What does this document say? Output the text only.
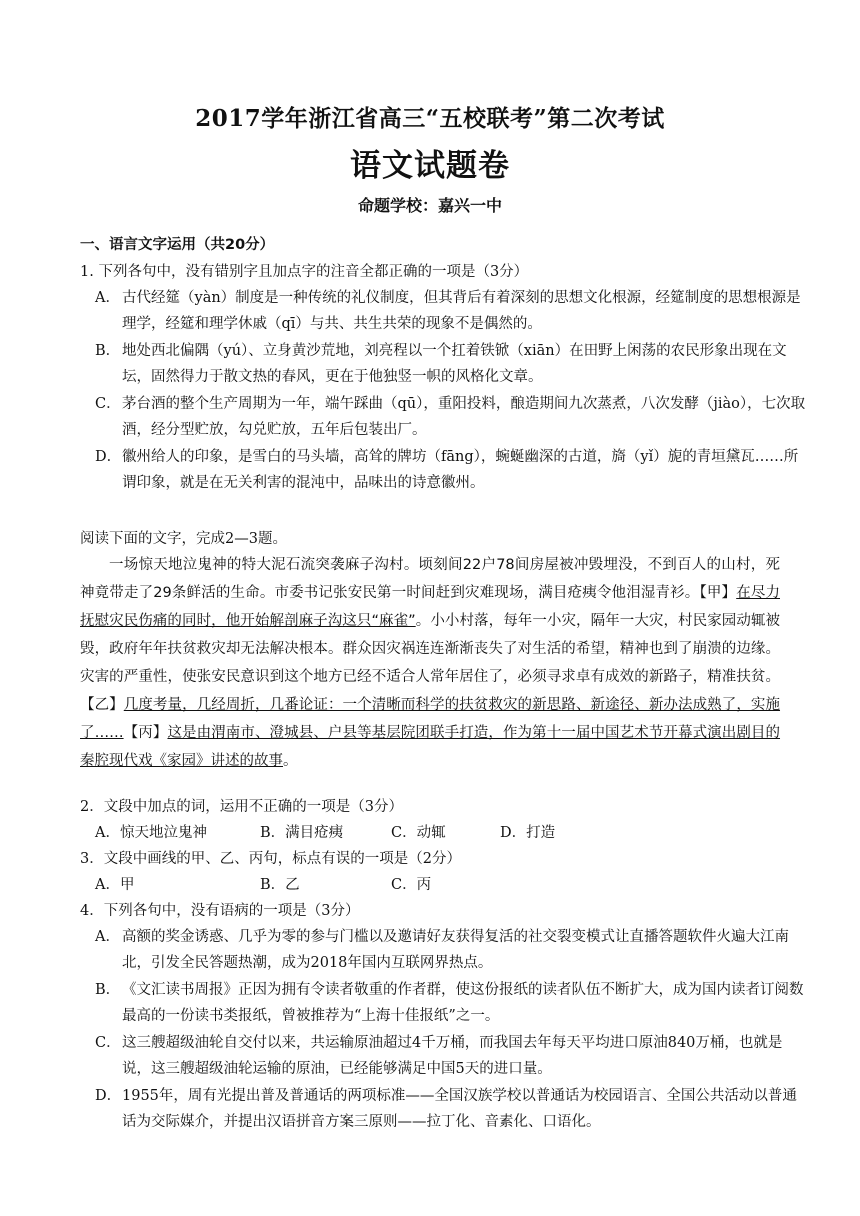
2017学年浙江省高三“五校联考”第二次考试
语文试题卷
命题学校：嘉兴一中
一、语言文字运用（共20分）
1. 下列各句中，没有错别字且加点字的注音全都正确的一项是（3分）
A． 古代经筵（yàn）制度是一种传统的礼仪制度，但其背后有着深刻的思想文化根源，经筵制度的思想根源是理学，经筵和理学休戚（qī）与共、共生共荣的现象不是偶然的。
B． 地处西北偏隅（yú）、立身黄沙荒地，刘亮程以一个扛着铁锨（xiān）在田野上闲荡的农民形象出现在文坛，固然得力于散文热的春风，更在于他独竖一帜的风格化文章。
C．茅台酒的整个生产周期为一年，端午踩曲（qū），重阳投料，酿造期间九次蒸煮，八次发酵（jiào），七次取酒，经分型贮放，勾兑贮放，五年后包装出厂。
D．徽州给人的印象，是雪白的马头墙，高耸的牌坊（fāng），蜿蜒幽深的古道，旖（yǐ）旎的青垣黛瓦……所谓印象，就是在无关利害的混沌中，品味出的诗意徽州。
阅读下面的文字，完成2—3题。

一场惊天地泣鬼神的特大泥石流突袭麻子沟村。顷刻间22户78间房屋被冲毁埋没，不到百人的山村，死神竟带走了29条鲜活的生命。市委书记张安民第一时间赶到灾难现场，满目疮痍令他泪湿青衫。【甲】在尽力抚慰灾民伤痛的同时，他开始解剖麻子沟这只“麻雀”。小小村落，每年一小灾，隔年一大灾，村民家园动辄被毁，政府年年扶贫救灾却无法解决根本。群众因灾祸连连渐渐丧失了对生活的希望，精神也到了崩溃的边缘。灾害的严重性，使张安民意识到这个地方已经不适合人常年居住了，必须寻求卓有成效的新路子，精准扶贫。【乙】几度考量，几经周折，几番论证：一个清晰而科学的扶贫救灾的新思路、新途径、新办法成熟了，实施了……【丙】这是由渭南市、澄城县、户县等基层院团联手打造，作为第十一届中国艺术节开幕式演出剧目的秦腔现代戏《家园》讲述的故事。

2．文段中加点的词，运用不正确的一项是（3分）
A．惊天地泣鬼神	B．满目疮痍	C．动辄	D．打造
3．文段中画线的甲、乙、丙句，标点有误的一项是（2分）
A．甲	B．乙	C．丙
4．下列各句中，没有语病的一项是（3分）
A． 高额的奖金诱惑、几乎为零的参与门槛以及邀请好友获得复活的社交裂变模式让直播答题软件火遍大江南北，引发全民答题热潮，成为2018年国内互联网界热点。
B． 《文汇读书周报》正因为拥有令读者敬重的作者群，使这份报纸的读者队伍不断扩大，成为国内读者订阅数最高的一份读书类报纸，曾被推荐为“上海十佳报纸”之一。
C．这三艘超级油轮自交付以来，共运输原油超过4千万桶，而我国去年每天平均进口原油840万桶，也就是说，这三艘超级油轮运输的原油，已经能够满足中国5天的进口量。
D．1955年，周有光提出普及普通话的两项标准——全国汉族学校以普通话为校园语言、全国公共活动以普通话为交际媒介，并提出汉语拼音方案三原则——拉丁化、音素化、口语化。
